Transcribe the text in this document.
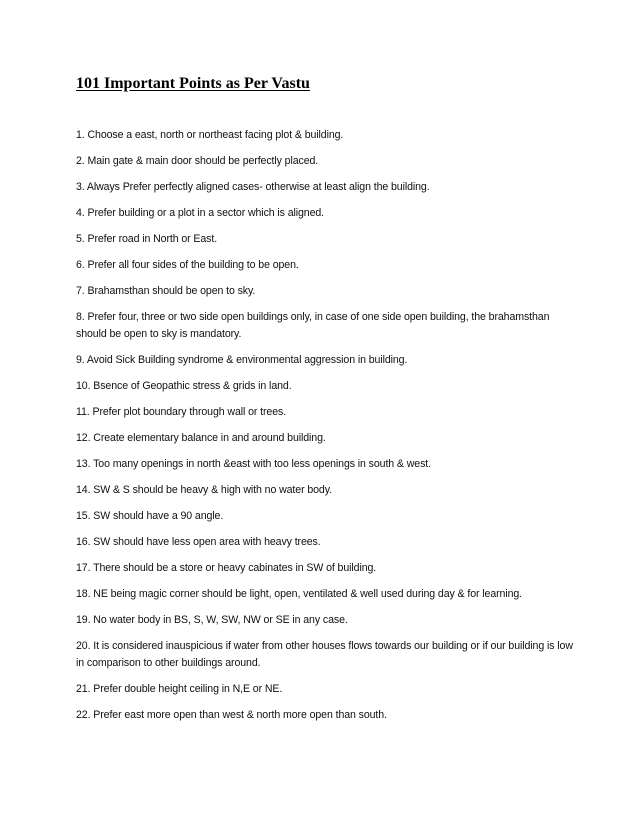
101 Important Points as Per Vastu

1. Choose a east, north or northeast facing plot & building.

2. Main gate & main door should be perfectly placed.

3. Always Prefer perfectly aligned cases- otherwise at least align the building.

4. Prefer building or a plot in a sector which is aligned.

5. Prefer road in North or East.

6. Prefer all four sides of the building to be open.

7. Brahamsthan should be open to sky.

8. Prefer four, three or two side open buildings only, in case of one side open building, the brahamsthan should be open to sky is mandatory.

9. Avoid Sick Building syndrome & environmental aggression in building.

10. Bsence of Geopathic stress & grids in land.

11. Prefer plot boundary through wall or trees.

12. Create elementary balance in and around building.

13. Too many openings in north &east with too less openings in south & west.

14. SW & S should be heavy & high with no water body.

15. SW should have a 90 angle.

16. SW should have less open area with heavy trees.

17. There should be a store or heavy cabinates in SW of building.

18. NE being magic corner should be light, open, ventilated & well used during day & for learning.

19. No water body in BS, S, W, SW, NW or SE in any case.

20. It is considered inauspicious if water from other houses flows towards our building or if our building is low in comparison to other buildings around.

21. Prefer double height ceiling in N,E or NE.

22. Prefer east more open than west & north more open than south.
